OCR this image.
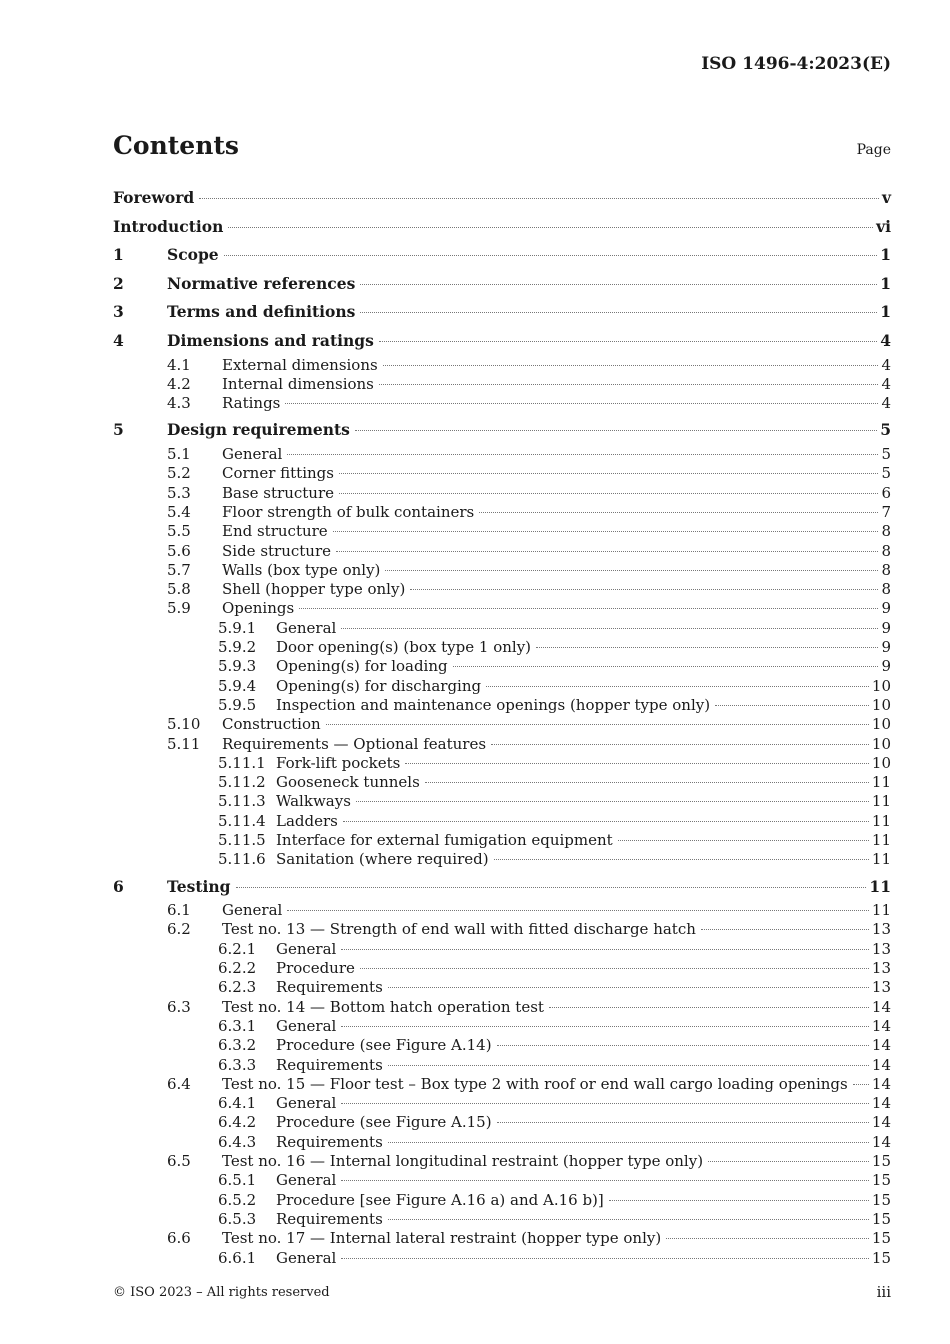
ISO 1496-4:2023(E)
Contents	Page
Foreword	v
Introduction	vi
1	Scope	1
2	Normative references	1
3	Terms and definitions	1
4	Dimensions and ratings	4
4.1 External dimensions	4
4.2 Internal dimensions	4
4.3 Ratings	4
5	Design requirements	5
5.1 General	5
5.2 Corner fittings	5
5.3 Base structure	6
5.4 Floor strength of bulk containers	7
5.5 End structure	8
5.6 Side structure	8
5.7 Walls (box type only)	8
5.8 Shell (hopper type only)	8
5.9 Openings	9
5.9.1 General	9
5.9.2 Door opening(s) (box type 1 only)	9
5.9.3 Opening(s) for loading	9
5.9.4 Opening(s) for discharging	10
5.9.5 Inspection and maintenance openings (hopper type only)	10
5.10 Construction	10
5.11 Requirements — Optional features	10
5.11.1 Fork-lift pockets	10
5.11.2 Gooseneck tunnels	11
5.11.3 Walkways	11
5.11.4 Ladders	11
5.11.5 Interface for external fumigation equipment	11
5.11.6 Sanitation (where required)	11
6	Testing	11
6.1 General	11
6.2 Test no. 13 — Strength of end wall with fitted discharge hatch	13
6.2.1 General	13
6.2.2 Procedure	13
6.2.3 Requirements	13
6.3 Test no. 14 — Bottom hatch operation test	14
6.3.1 General	14
6.3.2 Procedure (see Figure A.14)	14
6.3.3 Requirements	14
6.4 Test no. 15 — Floor test – Box type 2 with roof or end wall cargo loading openings 14
6.4.1 General	14
6.4.2 Procedure (see Figure A.15)	14
6.4.3 Requirements	14
6.5 Test no. 16 — Internal longitudinal restraint (hopper type only)	15
6.5.1 General	15
6.5.2 Procedure [see Figure A.16 a) and A.16 b)]	15
6.5.3 Requirements	15
6.6 Test no. 17 — Internal lateral restraint (hopper type only)	15
6.6.1 General	15
© ISO 2023 – All rights reserved	iii
